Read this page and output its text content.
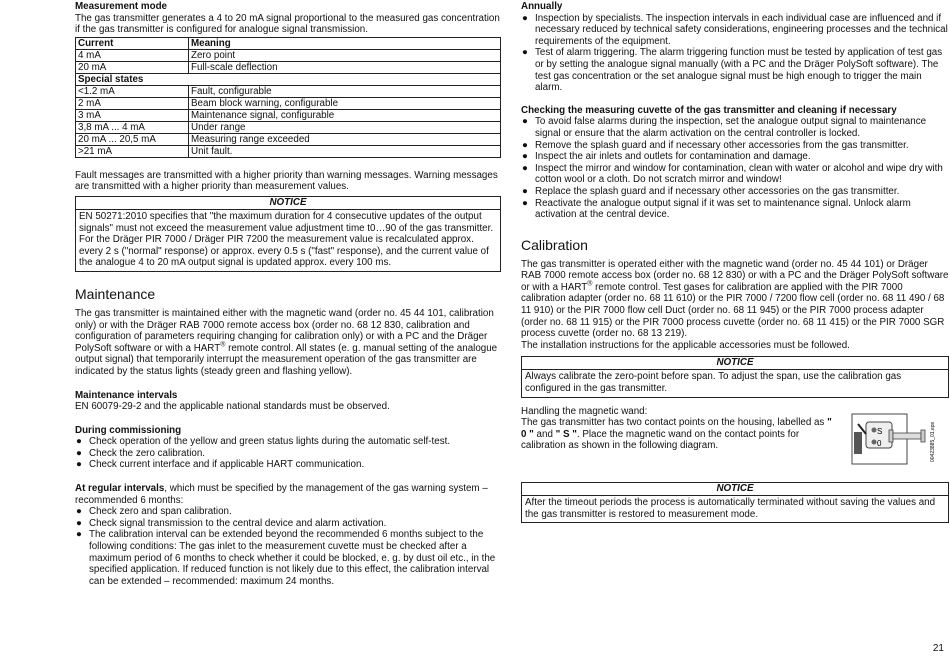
Measurement mode

The gas transmitter generates a 4 to 20 mA signal proportional to the measured gas concentration if the gas transmitter is configured for analogue signal transmission.

Current	Meaning
4 mA	Zero point
20 mA	Full-scale deflection
Special states	
<1.2 mA	Fault, configurable
2 mA	Beam block warning, configurable
3 mA	Maintenance signal, configurable
3,8 mA ... 4 mA	Under range
20 mA ... 20,5 mA	Measuring range exceeded
>21 mA	Unit fault.

Fault messages are transmitted with a higher priority than warning messages. Warning messages are transmitted with a higher priority than measurement values.

NOTICE
EN 50271:2010 specifies that "the maximum duration for 4 consecutive updates of the output signals" must not exceed the measurement value adjustment time t0…90 of the gas transmitter. For the Dräger PIR 7000 / Dräger PIR 7200 the measurement value is recalculated approx. every 2 s ("normal" response) or approx. every 0.5 s ("fast" response), and the current value of the analogue 4 to 20 mA output signal is updated approx. every 100 ms.
Maintenance

The gas transmitter is maintained either with the magnetic wand (order no. 45 44 101, calibration only) or with the Dräger RAB 7000 remote access box (order no. 68 12 830, calibration and configuration of parameters requiring changing for calibration only) or with a PC and the Dräger PolySoft software or with a HART® remote control. All states (e. g. manual setting of the analogue output signal) that temporarily interrupt the measurement operation of the gas transmitter are indicated by the status lights (steady green and flashing yellow).

Maintenance intervals

EN 60079-29-2 and the applicable national standards must be observed.

During commissioning
● Check operation of the yellow and green status lights during the automatic self-test.
● Check the zero calibration.
● Check current interface and if applicable HART communication.

At regular intervals, which must be specified by the management of the gas warning system – recommended 6 months:

● Check zero and span calibration.
● Check signal transmission to the central device and alarm activation.
● The calibration interval can be extended beyond the recommended 6 months subject to the following conditions: The gas inlet to the measurement cuvette must be checked after a maximum period of 6 months to check whether it could be blocked, e. g. by dust oil etc., in the specified application. If reduced function is not likely due to this effect, the calibration interval can be extended – recommended: maximum 24 months.
Annually
● Inspection by specialists. The inspection intervals in each individual case are influenced and if necessary reduced by technical safety considerations, engineering processes and the technical requirements of the equipment.
● Test of alarm triggering. The alarm triggering function must be tested by application of test gas or by setting the analogue signal manually (with a PC and the Dräger PolySoft software). The test gas concentration or the set analogue signal must be high enough to trigger the main alarm.
Checking the measuring cuvette of the gas transmitter and cleaning if necessary
● To avoid false alarms during the inspection, set the analogue output signal to maintenance signal or ensure that the alarm activation on the central controller is locked.
● Remove the splash guard and if necessary other accessories from the gas transmitter.
● Inspect the air inlets and outlets for contamination and damage.
● Inspect the mirror and window for contamination, clean with water or alcohol and wipe dry with cotton wool or a cloth. Do not scratch mirror and window!
● Replace the splash guard and if necessary other accessories on the gas transmitter.
● Reactivate the analogue output signal if it was set to maintenance signal. Unlock alarm activation at the central device.
Calibration

The gas transmitter is operated either with the magnetic wand (order no. 45 44 101) or Dräger RAB 7000 remote access box (order no. 68 12 830) or with a PC and the Dräger PolySoft software or with a HART® remote control. Test gases for calibration are applied with the PIR 7000 calibration adapter (order no. 68 11 610) or the PIR 7000 / 7200 flow cell (order no. 68 11 490 / 68 11 910) or the PIR 7000 flow cell Duct (order no. 68 11 945) or the PIR 7000 process adapter (order no. 68 11 915) or the PIR 7000 process cuvette (order no. 68 11 415) or the PIR 7000 SGR process cuvette (order no. 68 13 219).

The installation instructions for the applicable accessories must be followed.

NOTICE
Always calibrate the zero-point before span. To adjust the span, use the calibration gas configured in the gas transmitter.
Handling the magnetic wand:

The gas transmitter has two contact points on the housing, labelled as " 0 " and " S ". Place the magnetic wand on the contact points for calibration as shown in the following diagram.

NOTICE
After the timeout periods the process is automatically terminated without saving the values and the gas transmitter is restored to measurement mode.
S
0	00423885_01.eps
21
